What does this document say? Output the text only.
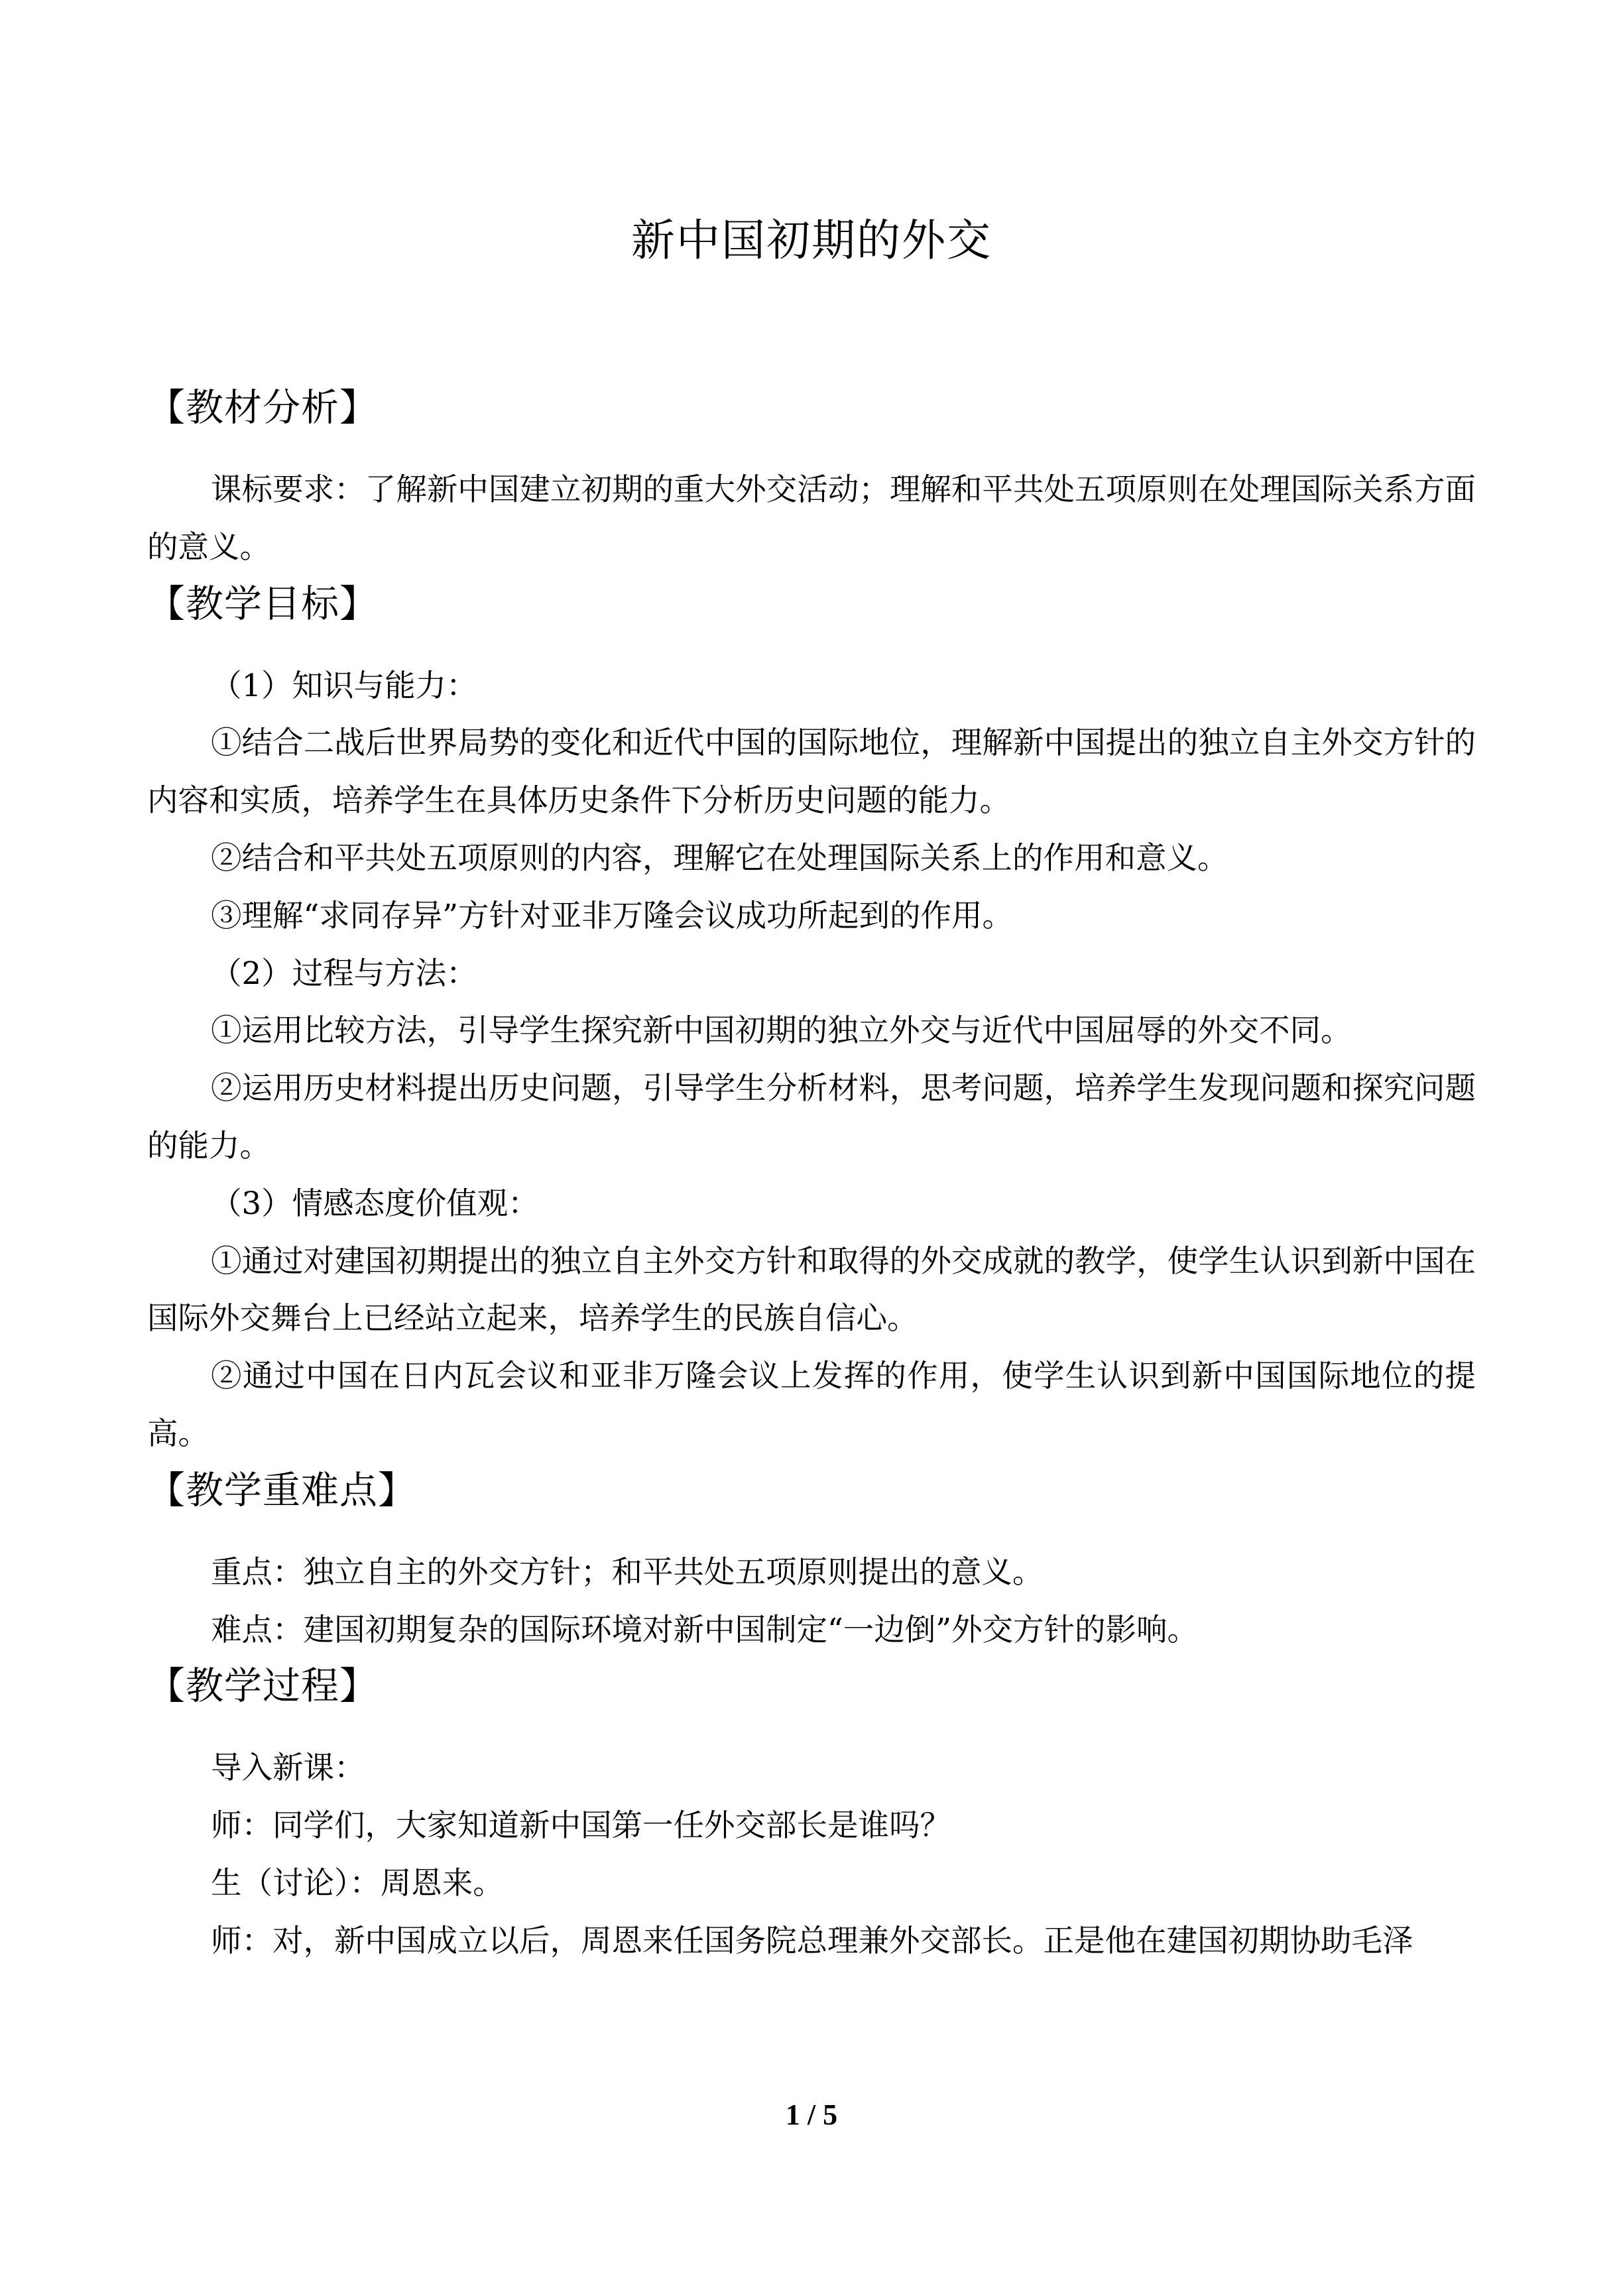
新中国初期的外交
【教材分析】

课标要求：了解新中国建立初期的重大外交活动；理解和平共处五项原则在处理国际关系方面的意义。

【教学目标】

（1）知识与能力：

①结合二战后世界局势的变化和近代中国的国际地位，理解新中国提出的独立自主外交方针的内容和实质，培养学生在具体历史条件下分析历史问题的能力。

②结合和平共处五项原则的内容，理解它在处理国际关系上的作用和意义。

③理解“求同存异”方针对亚非万隆会议成功所起到的作用。

（2）过程与方法：

①运用比较方法，引导学生探究新中国初期的独立外交与近代中国屈辱的外交不同。

②运用历史材料提出历史问题，引导学生分析材料，思考问题，培养学生发现问题和探究问题的能力。

（3）情感态度价值观：

①通过对建国初期提出的独立自主外交方针和取得的外交成就的教学，使学生认识到新中国在国际外交舞台上已经站立起来，培养学生的民族自信心。

②通过中国在日内瓦会议和亚非万隆会议上发挥的作用，使学生认识到新中国国际地位的提高。

【教学重难点】

重点：独立自主的外交方针；和平共处五项原则提出的意义。

难点：建国初期复杂的国际环境对新中国制定“一边倒”外交方针的影响。

【教学过程】

导入新课：

师：同学们，大家知道新中国第一任外交部长是谁吗？

生（讨论）：周恩来。

师：对，新中国成立以后，周恩来任国务院总理兼外交部长。正是他在建国初期协助毛泽

1 / 5
